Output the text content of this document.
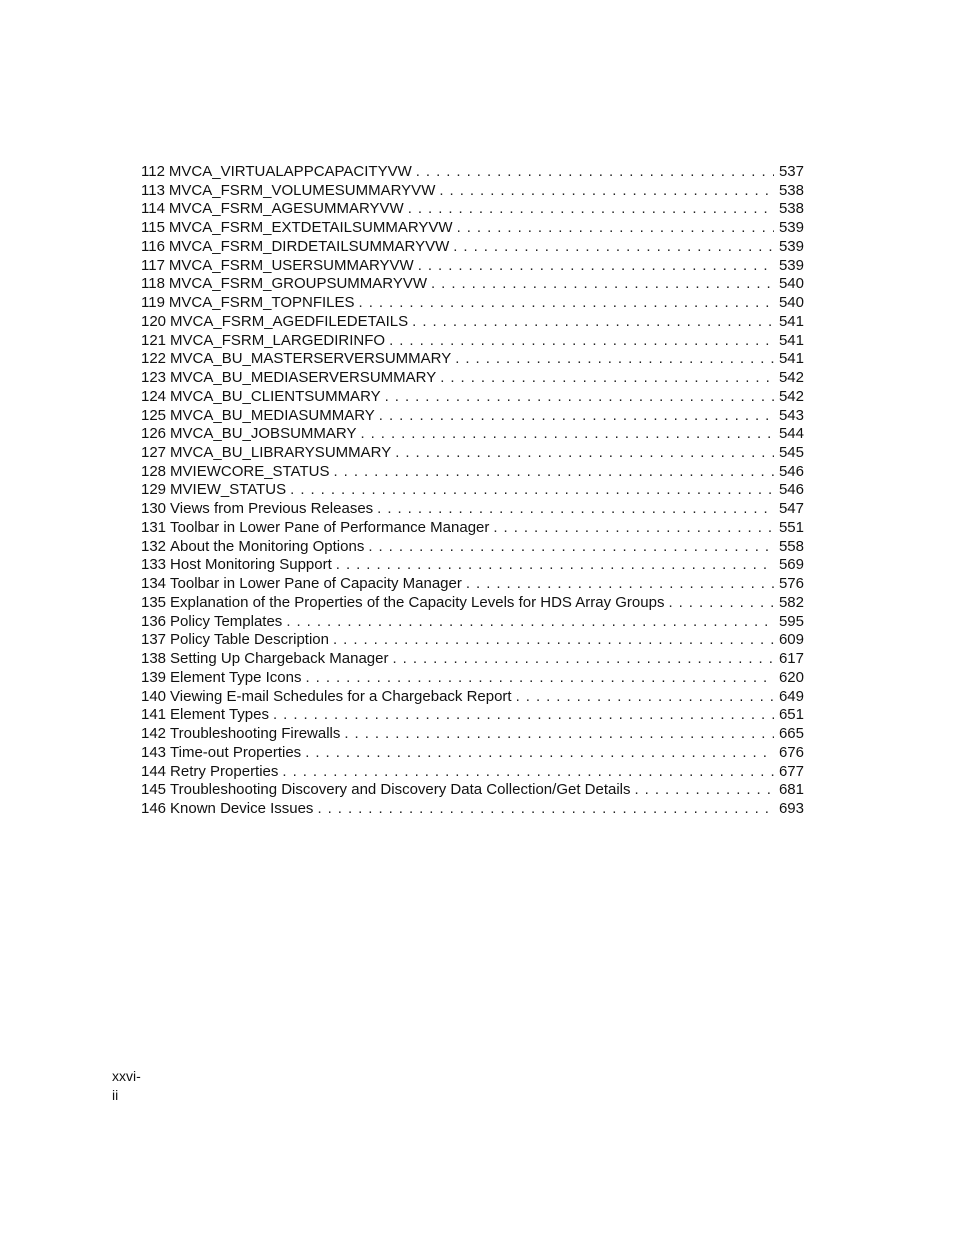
112 MVCA_VIRTUALAPPCAPACITYVW .....	537
113 MVCA_FSRM_VOLUMESUMMARYVW .....	538
114 MVCA_FSRM_AGESUMMARYVW .....	538
115 MVCA_FSRM_EXTDETAILSUMMARYVW .....	539
116 MVCA_FSRM_DIRDETAILSUMMARYVW .....	539
117 MVCA_FSRM_USERSUMMARYVW .....	539
118 MVCA_FSRM_GROUPSUMMARYVW .....	540
119 MVCA_FSRM_TOPNFILES .....	540
120 MVCA_FSRM_AGEDFILEDETAILS .....	541
121 MVCA_FSRM_LARGEDIRINFO .....	541
122 MVCA_BU_MASTERSERVERSUMMARY .....	541
123 MVCA_BU_MEDIASERVERSUMMARY .....	542
124 MVCA_BU_CLIENTSUMMARY .....	542
125 MVCA_BU_MEDIASUMMARY .....	543
126 MVCA_BU_JOBSUMMARY .....	544
127 MVCA_BU_LIBRARYSUMMARY .....	545
128 MVIEWCORE_STATUS .....	546
129 MVIEW_STATUS .....	546
130 Views from Previous Releases .....	547
131 Toolbar in Lower Pane of Performance Manager .....	551
132 About the Monitoring Options .....	558
133 Host Monitoring Support .....	569
134 Toolbar in Lower Pane of Capacity Manager .....	576
135 Explanation of the Properties of the Capacity Levels for HDS Array Groups .....	582
136 Policy Templates .....	595
137 Policy Table Description .....	609
138 Setting Up Chargeback Manager .....	617
139 Element Type Icons .....	620
140 Viewing E-mail Schedules for a Chargeback Report .....	649
141 Element Types .....	651
142 Troubleshooting Firewalls .....	665
143 Time-out Properties .....	676
144 Retry Properties .....	677
145 Troubleshooting Discovery and Discovery Data Collection/Get Details .....	681
146 Known Device Issues .....	693
xxvi-
ii
